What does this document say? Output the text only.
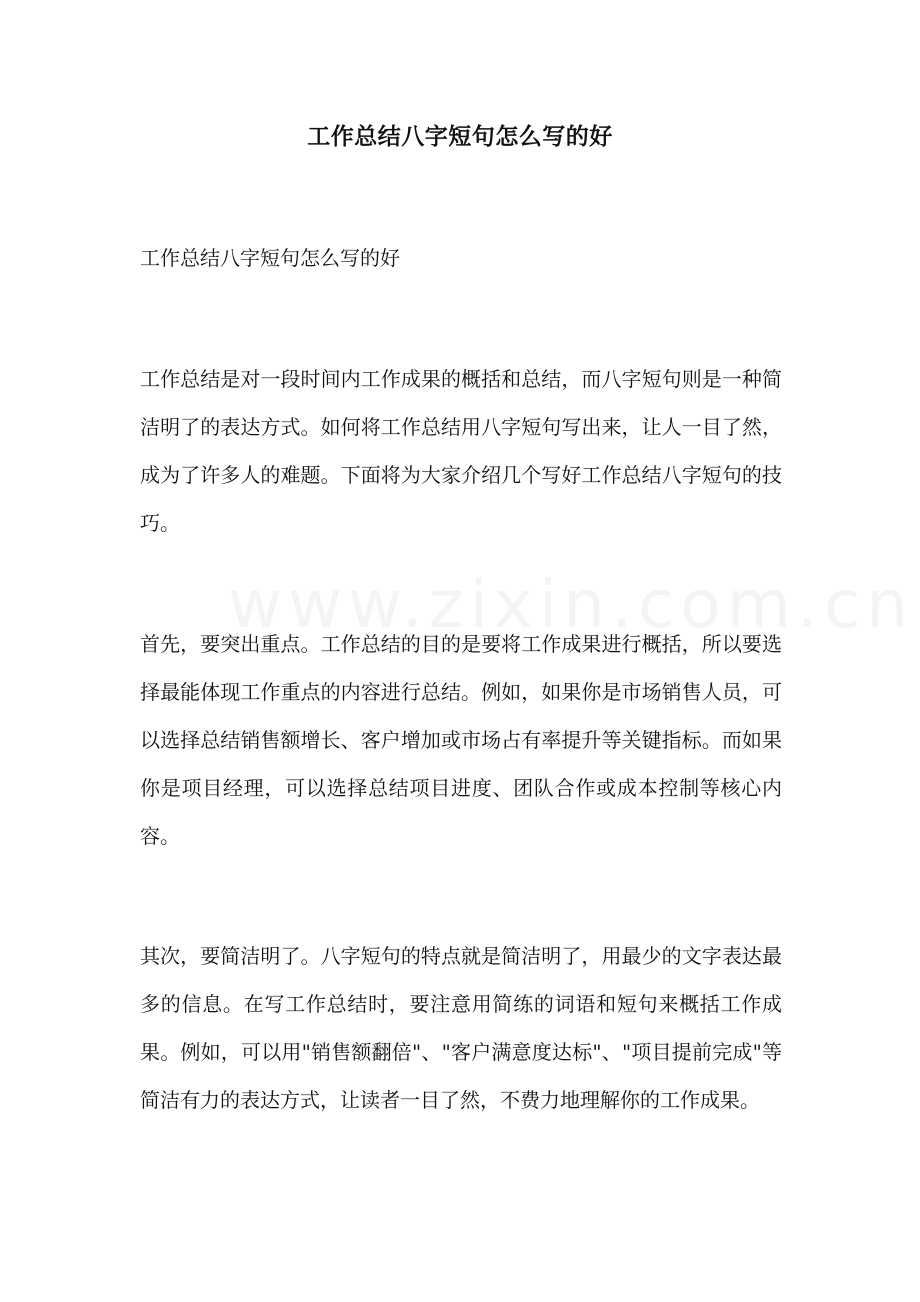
工作总结八字短句怎么写的好
工作总结八字短句怎么写的好

工作总结是对一段时间内工作成果的概括和总结，而八字短句则是一种简洁明了的表达方式。如何将工作总结用八字短句写出来，让人一目了然，成为了许多人的难题。下面将为大家介绍几个写好工作总结八字短句的技巧。

首先，要突出重点。工作总结的目的是要将工作成果进行概括，所以要选择最能体现工作重点的内容进行总结。例如，如果你是市场销售人员，可以选择总结销售额增长、客户增加或市场占有率提升等关键指标。而如果你是项目经理，可以选择总结项目进度、团队合作或成本控制等核心内容。

其次，要简洁明了。八字短句的特点就是简洁明了，用最少的文字表达最多的信息。在写工作总结时，要注意用简练的词语和短句来概括工作成果。例如，可以用"销售额翻倍"、"客户满意度达标"、"项目提前完成"等简洁有力的表达方式，让读者一目了然，不费力地理解你的工作成果。
